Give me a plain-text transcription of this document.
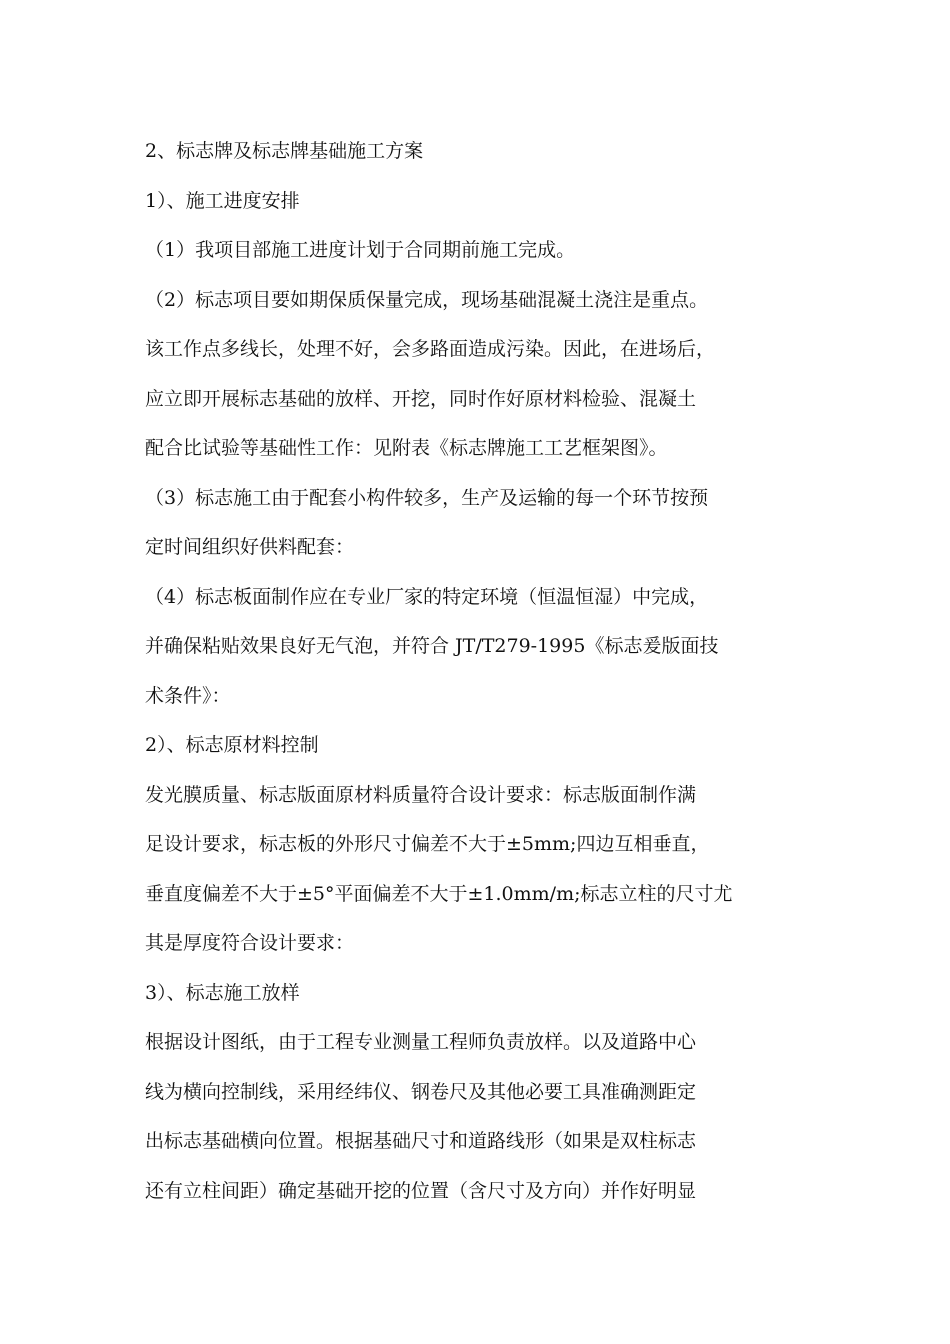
2、标志牌及标志牌基础施工方案
1）、施工进度安排
（1）我项目部施工进度计划于合同期前施工完成。
（2）标志项目要如期保质保量完成，现场基础混凝土浇注是重点。
该工作点多线长，处理不好，会多路面造成污染。因此，在进场后，
应立即开展标志基础的放样、开挖，同时作好原材料检验、混凝土
配合比试验等基础性工作：见附表《标志牌施工工艺框架图》。
（3）标志施工由于配套小构件较多，生产及运输的每一个环节按预
定时间组织好供料配套：
（4）标志板面制作应在专业厂家的特定环境（恒温恒湿）中完成，
并确保粘贴效果良好无气泡，并符合 JT/T279-1995《标志爰版面技
术条件》：
2）、标志原材料控制
发光膜质量、标志版面原材料质量符合设计要求：标志版面制作满
足设计要求，标志板的外形尺寸偏差不大于±5mm;四边互相垂直，
垂直度偏差不大于±5°平面偏差不大于±1.0mm/m;标志立柱的尺寸尤
其是厚度符合设计要求：
3）、标志施工放样
根据设计图纸，由于工程专业测量工程师负责放样。以及道路中心
线为横向控制线，采用经纬仪、钢卷尺及其他必要工具准确测距定
出标志基础横向位置。根据基础尺寸和道路线形（如果是双柱标志
还有立柱间距）确定基础开挖的位置（含尺寸及方向）并作好明显
